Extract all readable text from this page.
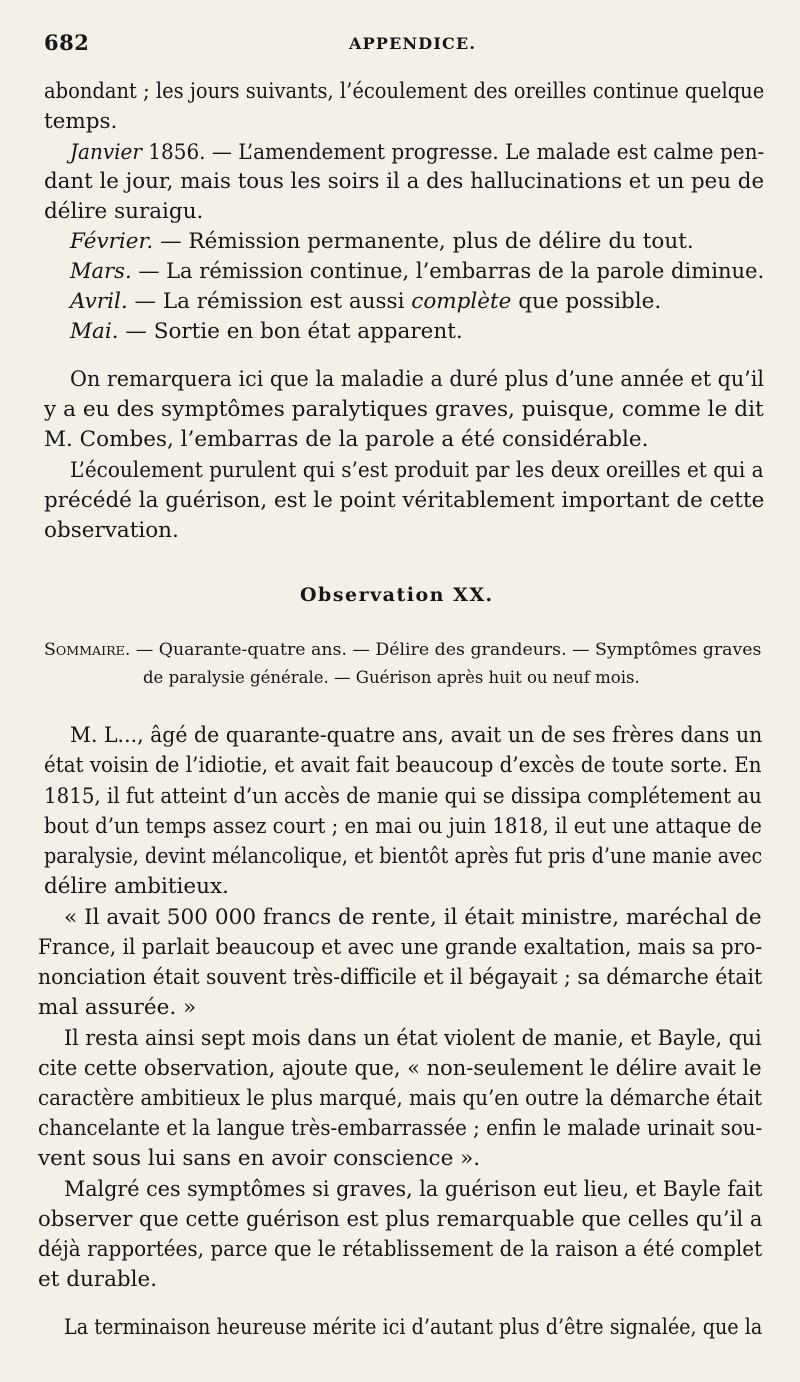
682	APPENDICE.
abondant ; les jours suivants, l’écoulement des oreilles continue quelque
temps.
Janvier 1856. — L’amendement progresse. Le malade est calme pen-
dant le jour, mais tous les soirs il a des hallucinations et un peu de
délire suraigu.
Février. — Rémission permanente, plus de délire du tout.
Mars. — La rémission continue, l’embarras de la parole diminue.
Avril. — La rémission est aussi complète que possible.
Mai. — Sortie en bon état apparent.
On remarquera ici que la maladie a duré plus d’une année et qu’il
y a eu des symptômes paralytiques graves, puisque, comme le dit
M. Combes, l’embarras de la parole a été considérable.
L’écoulement purulent qui s’est produit par les deux oreilles et qui a
précédé la guérison, est le point véritablement important de cette
observation.
Observation XX.
Sommaire. — Quarante-quatre ans. — Délire des grandeurs. — Symptômes graves
de paralysie générale. — Guérison après huit ou neuf mois.
M. L..., âgé de quarante-quatre ans, avait un de ses frères dans un
état voisin de l’idiotie, et avait fait beaucoup d’excès de toute sorte. En
1815, il fut atteint d’un accès de manie qui se dissipa complétement au
bout d’un temps assez court ; en mai ou juin 1818, il eut une attaque de
paralysie, devint mélancolique, et bientôt après fut pris d’une manie avec
délire ambitieux.
« Il avait 500 000 francs de rente, il était ministre, maréchal de
France, il parlait beaucoup et avec une grande exaltation, mais sa pro-
nonciation était souvent très-difficile et il bégayait ; sa démarche était
mal assurée. »
Il resta ainsi sept mois dans un état violent de manie, et Bayle, qui
cite cette observation, ajoute que, « non-seulement le délire avait le
caractère ambitieux le plus marqué, mais qu’en outre la démarche était
chancelante et la langue très-embarrassée ; enfin le malade urinait sou-
vent sous lui sans en avoir conscience ».
Malgré ces symptômes si graves, la guérison eut lieu, et Bayle fait
observer que cette guérison est plus remarquable que celles qu’il a
déjà rapportées, parce que le rétablissement de la raison a été complet
et durable.
La terminaison heureuse mérite ici d’autant plus d’être signalée, que la
